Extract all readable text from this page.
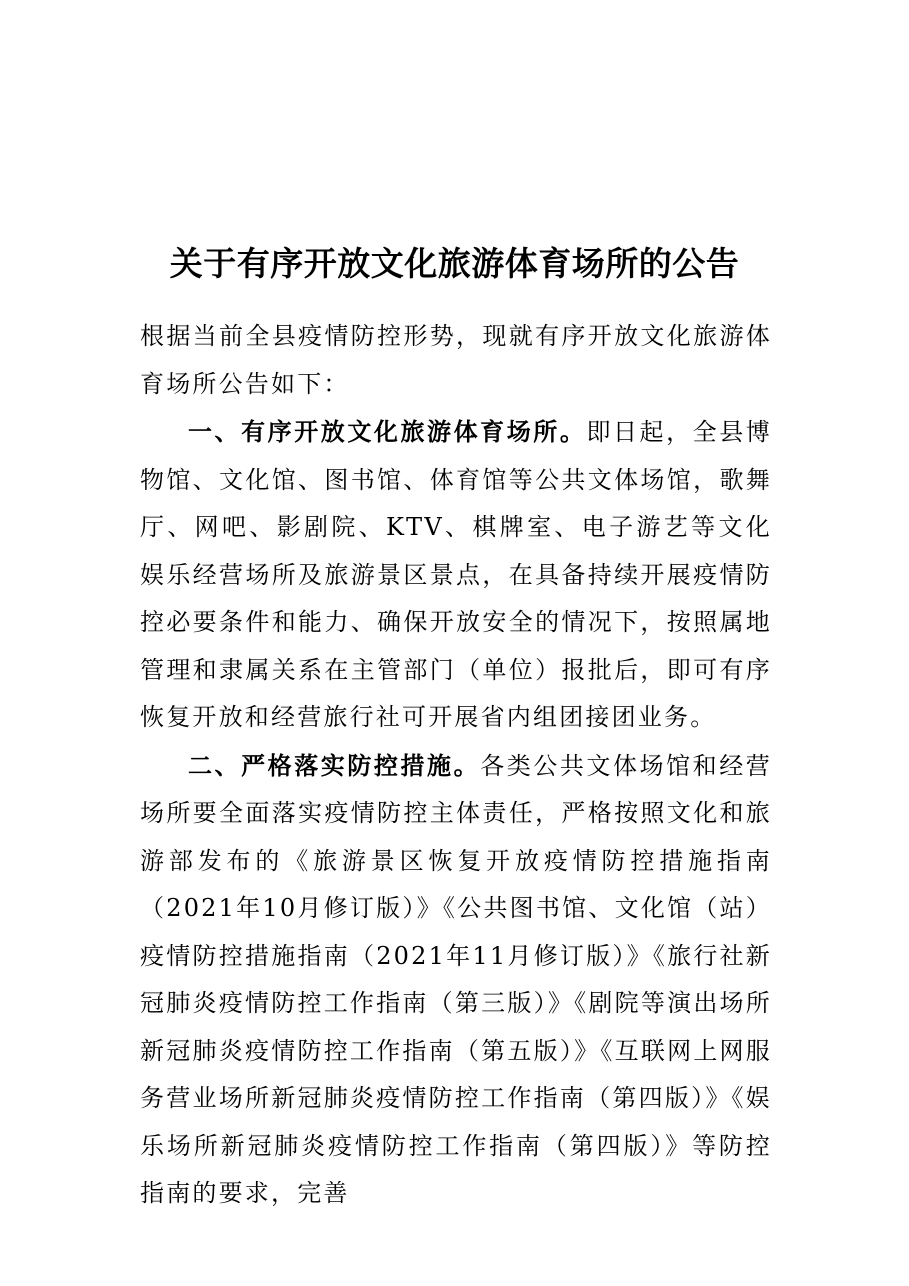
关于有序开放文化旅游体育场所的公告

根据当前全县疫情防控形势，现就有序开放文化旅游体育场所公告如下：

一、有序开放文化旅游体育场所。即日起，全县博物馆、文化馆、图书馆、体育馆等公共文体场馆，歌舞厅、网吧、影剧院、KTV、棋牌室、电子游艺等文化娱乐经营场所及旅游景区景点，在具备持续开展疫情防控必要条件和能力、确保开放安全的情况下，按照属地管理和隶属关系在主管部门（单位）报批后，即可有序恢复开放和经营旅行社可开展省内组团接团业务。

二、严格落实防控措施。各类公共文体场馆和经营场所要全面落实疫情防控主体责任，严格按照文化和旅游部发布的《旅游景区恢复开放疫情防控措施指南（2021年10月修订版）》《公共图书馆、文化馆（站）疫情防控措施指南（2021年11月修订版）》《旅行社新冠肺炎疫情防控工作指南（第三版）》《剧院等演出场所新冠肺炎疫情防控工作指南（第五版）》《互联网上网服务营业场所新冠肺炎疫情防控工作指南（第四版）》《娱乐场所新冠肺炎疫情防控工作指南（第四版）》等防控指南的要求，完善
